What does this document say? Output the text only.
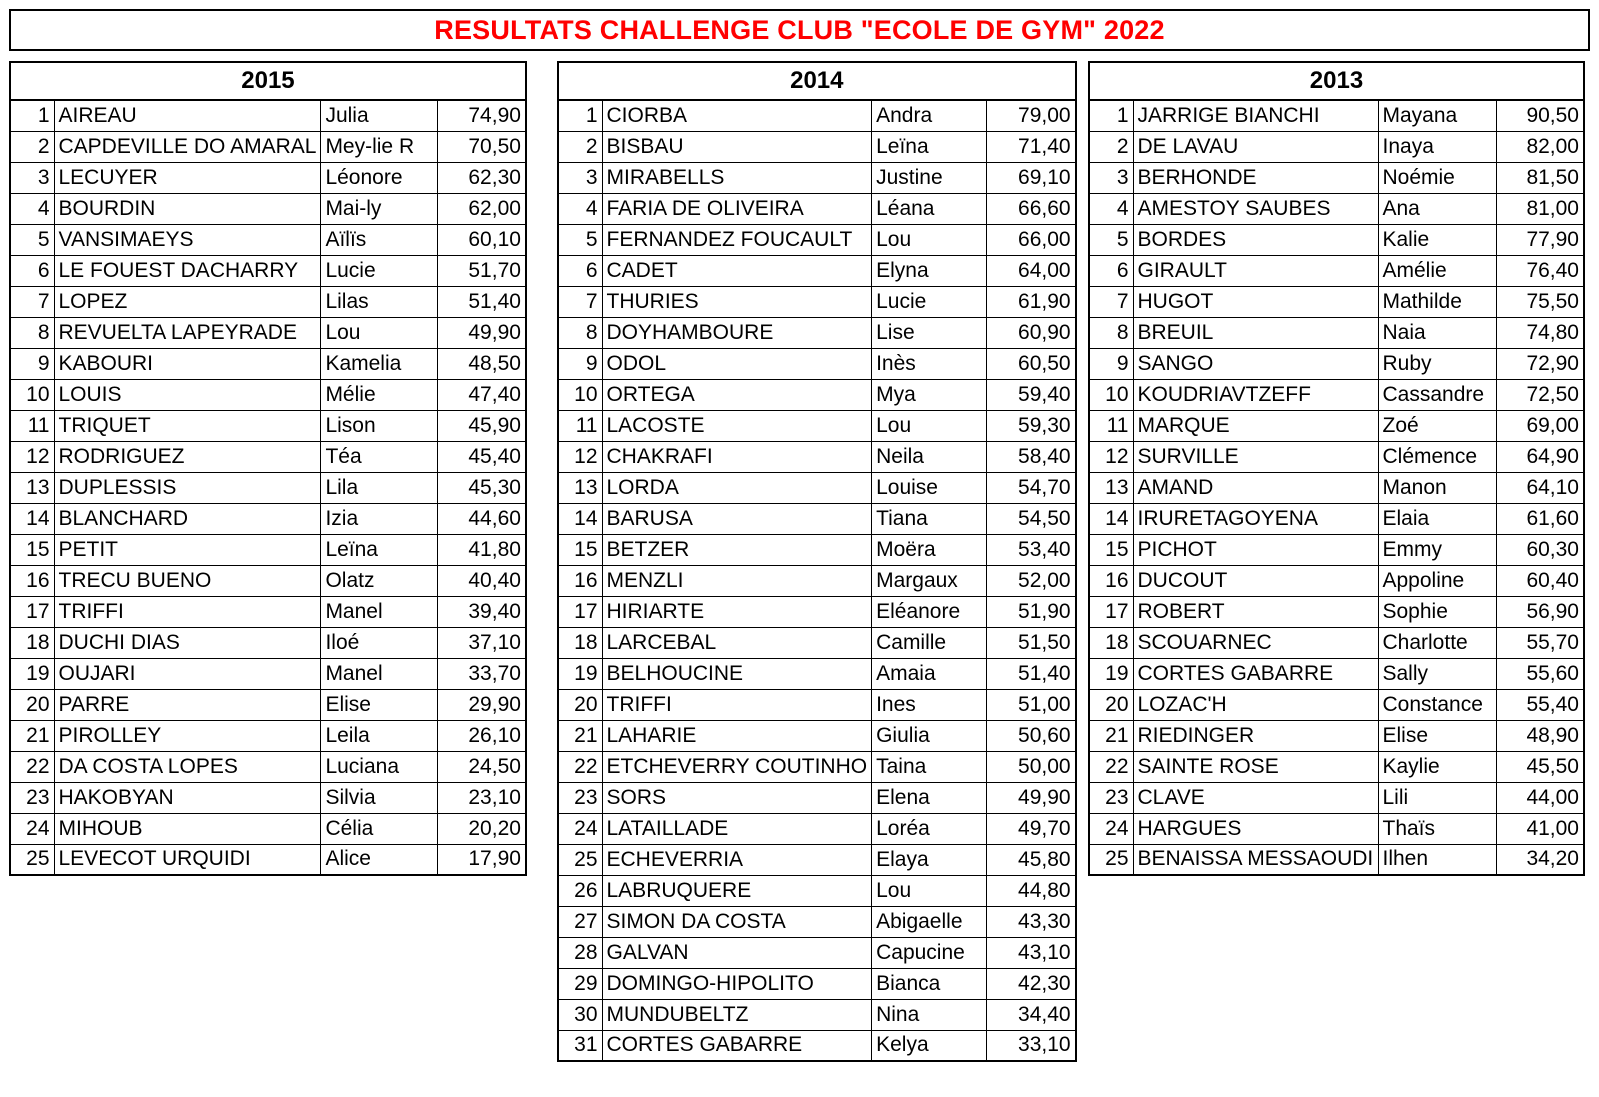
RESULTATS CHALLENGE CLUB "ECOLE DE GYM" 2022
2015			
1	AIREAU	Julia	74,90
2	CAPDEVILLE DO AMARAL	Mey-lie R	70,50
3	LECUYER	Léonore	62,30
4	BOURDIN	Mai-ly	62,00
5	VANSIMAEYS	Aïlïs	60,10
6	LE FOUEST DACHARRY	Lucie	51,70
7	LOPEZ	Lilas	51,40
8	REVUELTA LAPEYRADE	Lou	49,90
9	KABOURI	Kamelia	48,50
10	LOUIS	Mélie	47,40
11	TRIQUET	Lison	45,90
12	RODRIGUEZ	Téa	45,40
13	DUPLESSIS	Lila	45,30
14	BLANCHARD	Izia	44,60
15	PETIT	Leïna	41,80
16	TRECU BUENO	Olatz	40,40
17	TRIFFI	Manel	39,40
18	DUCHI DIAS	Iloé	37,10
19	OUJARI	Manel	33,70
20	PARRE	Elise	29,90
21	PIROLLEY	Leila	26,10
22	DA COSTA LOPES	Luciana	24,50
23	HAKOBYAN	Silvia	23,10
24	MIHOUB	Célia	20,20
25	LEVECOT URQUIDI	Alice	17,90
2014			
1	CIORBA	Andra	79,00
2	BISBAU	Leïna	71,40
3	MIRABELLS	Justine	69,10
4	FARIA DE OLIVEIRA	Léana	66,60
5	FERNANDEZ FOUCAULT	Lou	66,00
6	CADET	Elyna	64,00
7	THURIES	Lucie	61,90
8	DOYHAMBOURE	Lise	60,90
9	ODOL	Inès	60,50
10	ORTEGA	Mya	59,40
11	LACOSTE	Lou	59,30
12	CHAKRAFI	Neila	58,40
13	LORDA	Louise	54,70
14	BARUSA	Tiana	54,50
15	BETZER	Moëra	53,40
16	MENZLI	Margaux	52,00
17	HIRIARTE	Eléanore	51,90
18	LARCEBAL	Camille	51,50
19	BELHOUCINE	Amaia	51,40
20	TRIFFI	Ines	51,00
21	LAHARIE	Giulia	50,60
22	ETCHEVERRY COUTINHO	Taina	50,00
23	SORS	Elena	49,90
24	LATAILLADE	Loréa	49,70
25	ECHEVERRIA	Elaya	45,80
26	LABRUQUERE	Lou	44,80
27	SIMON DA COSTA	Abigaelle	43,30
28	GALVAN	Capucine	43,10
29	DOMINGO-HIPOLITO	Bianca	42,30
30	MUNDUBELTZ	Nina	34,40
31	CORTES GABARRE	Kelya	33,10
2013			
1	JARRIGE BIANCHI	Mayana	90,50
2	DE LAVAU	Inaya	82,00
3	BERHONDE	Noémie	81,50
4	AMESTOY SAUBES	Ana	81,00
5	BORDES	Kalie	77,90
6	GIRAULT	Amélie	76,40
7	HUGOT	Mathilde	75,50
8	BREUIL	Naia	74,80
9	SANGO	Ruby	72,90
10	KOUDRIAVTZEFF	Cassandre	72,50
11	MARQUE	Zoé	69,00
12	SURVILLE	Clémence	64,90
13	AMAND	Manon	64,10
14	IRURETAGOYENA	Elaia	61,60
15	PICHOT	Emmy	60,30
16	DUCOUT	Appoline	60,40
17	ROBERT	Sophie	56,90
18	SCOUARNEC	Charlotte	55,70
19	CORTES GABARRE	Sally	55,60
20	LOZAC'H	Constance	55,40
21	RIEDINGER	Elise	48,90
22	SAINTE ROSE	Kaylie	45,50
23	CLAVE	Lili	44,00
24	HARGUES	Thaïs	41,00
25	BENAISSA MESSAOUDI	Ilhen	34,20
